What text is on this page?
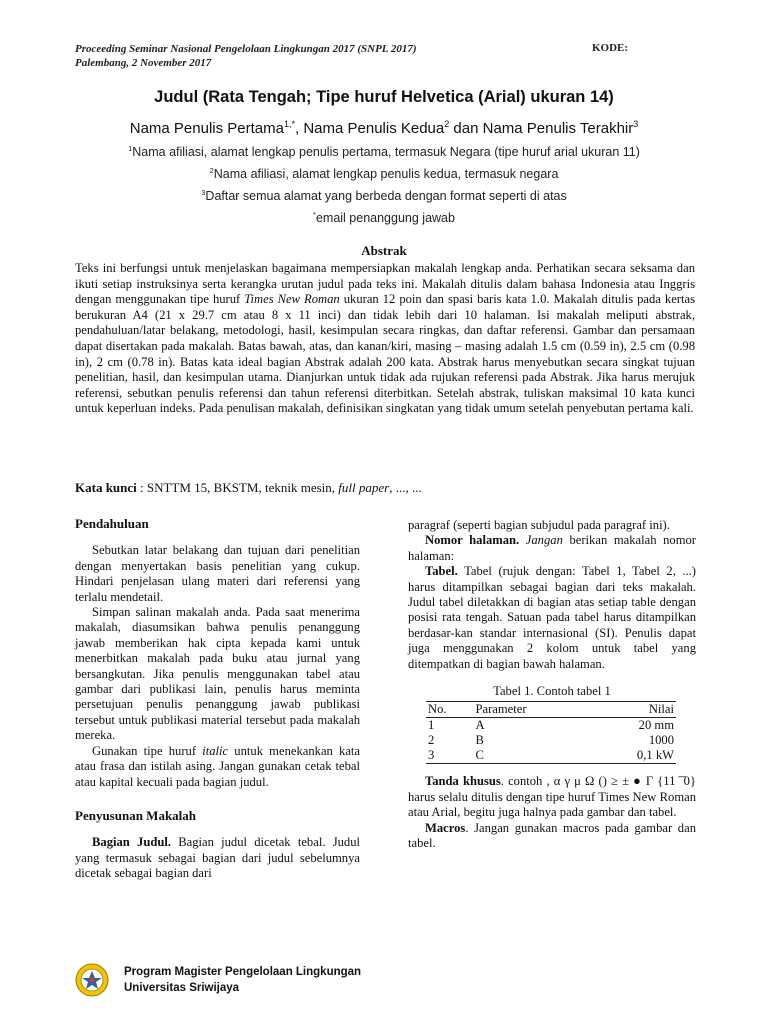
Proceeding Seminar Nasional Pengelolaan Lingkungan 2017 (SNPL 2017)
Palembang, 2 November 2017
KODE:
Judul (Rata Tengah; Tipe huruf Helvetica (Arial) ukuran 14)
Nama Penulis Pertama$^{1,*}$, Nama Penulis Kedua$^2$ dan Nama Penulis Terakhir$^3$
$^1$Nama afiliasi, alamat lengkap penulis pertama, termasuk Negara (tipe huruf arial ukuran 11)
$^2$Nama afiliasi, alamat lengkap penulis kedua, termasuk negara
$^3$Daftar semua alamat yang berbeda dengan format seperti di atas
*email penanggung jawab
Abstrak
Teks ini berfungsi untuk menjelaskan bagaimana mempersiapkan makalah lengkap anda. Perhatikan secara seksama dan ikuti setiap instruksinya serta kerangka urutan judul pada teks ini. Makalah ditulis dalam bahasa Indonesia atau Inggris dengan menggunakan tipe huruf Times New Roman ukuran 12 poin dan spasi baris kata 1.0. Makalah ditulis pada kertas berukuran A4 (21 x 29.7 cm atau 8 x 11 inci) dan tidak lebih dari 10 halaman. Isi makalah meliputi abstrak, pendahuluan/latar belakang, metodologi, hasil, kesimpulan secara ringkas, dan daftar referensi. Gambar dan persamaan dapat disertakan pada makalah. Batas bawah, atas, dan kanan/kiri, masing – masing adalah 1.5 cm (0.59 in), 2.5 cm (0.98 in), 2 cm (0.78 in). Batas kata ideal bagian Abstrak adalah 200 kata. Abstrak harus menyebutkan secara singkat tujuan penelitian, hasil, dan kesimpulan utama. Dianjurkan untuk tidak ada rujukan referensi pada Abstrak. Jika harus merujuk referensi, sebutkan penulis referensi dan tahun referensi diterbitkan. Setelah abstrak, tuliskan maksimal 10 kata kunci untuk keperluan indeks. Pada penulisan makalah, definisikan singkatan yang tidak umum setelah penyebutan pertama kali.
Kata kunci : SNTTM 15, BKSTM, teknik mesin, full paper, ..., ...
Pendahuluan

Sebutkan latar belakang dan tujuan dari penelitian dengan menyertakan basis penelitian yang cukup. Hindari penjelasan ulang materi dari referensi yang terlalu mendetail.

Simpan salinan makalah anda. Pada saat menerima makalah, diasumsikan bahwa penulis penanggung jawab memberikan hak cipta kepada kami untuk menerbitkan makalah pada buku atau jurnal yang bersangkutan. Jika penulis menggunakan tabel atau gambar dari publikasi lain, penulis harus meminta persetujuan penulis penanggung jawab publikasi tersebut untuk publikasi material tersebut pada makalah mereka.

Gunakan tipe huruf italic untuk menekankan kata atau frasa dan istilah asing. Jangan gunakan cetak tebal atau kapital kecuali pada bagian judul.

Penyusunan Makalah

Bagian Judul. Bagian judul dicetak tebal. Judul yang termasuk sebagai bagian dari judul sebelumnya dicetak sebagai bagian dari

paragraf (seperti bagian subjudul pada paragraf ini).

Nomor halaman. Jangan berikan makalah nomor halaman:

Tabel. Tabel (rujuk dengan: Tabel 1, Tabel 2, ...) harus ditampilkan sebagai bagian dari teks makalah. Judul tabel diletakkan di bagian atas setiap table dengan posisi rata tengah. Satuan pada tabel harus ditampilkan berdasar-kan standar internasional (SI). Penulis dapat juga menggunakan 2 kolom untuk tabel yang ditempatkan di bagian bawah halaman.

Tabel 1. Contoh tabel 1
No.	Parameter	Nilai
1	A	20 mm
2	B	1000
3	C	0,1 kW

Tanda khusus. contoh , α γ μ Ω () ≥ ± ● Γ {11 ͞ 0} harus selalu ditulis dengan tipe huruf Times New Roman atau Arial, begitu juga halnya pada gambar dan tabel.

Macros. Jangan gunakan macros pada gambar dan tabel.

Program Magister Pengelolaan Lingkungan
Universitas Sriwijaya
